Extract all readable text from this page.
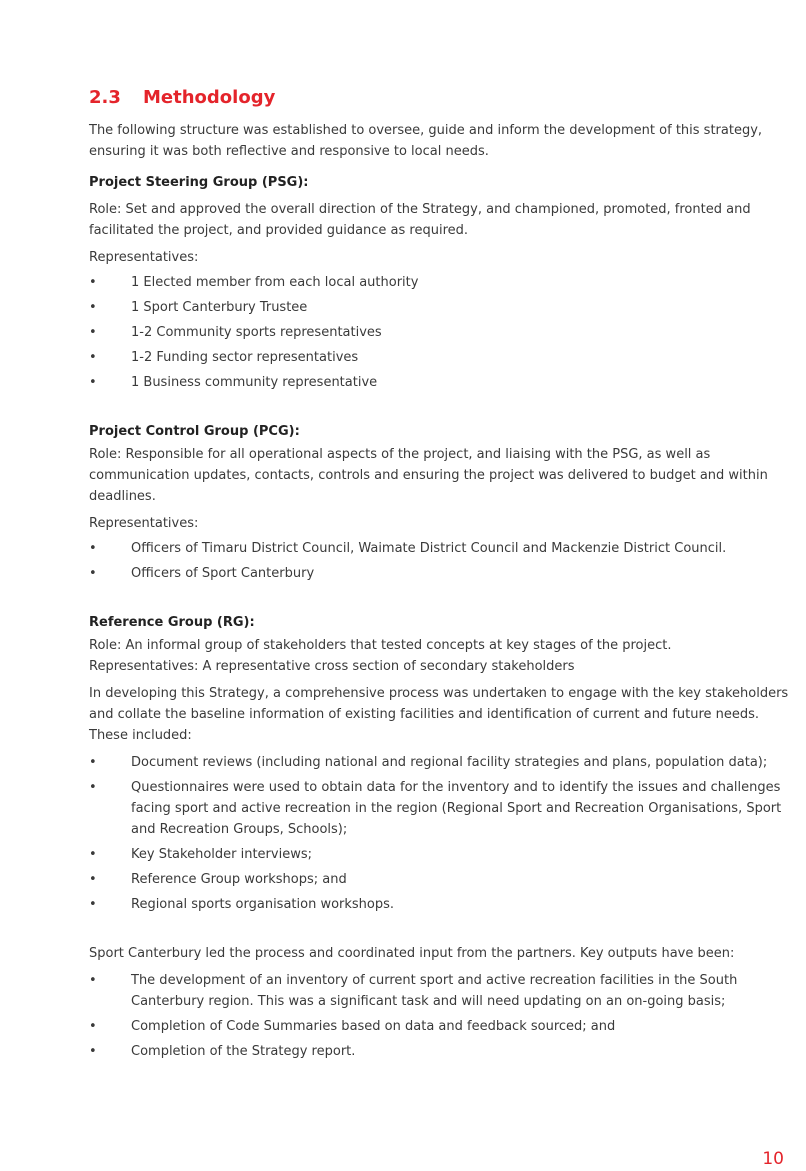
2.3	Methodology

The following structure was established to oversee, guide and inform the development of this strategy, ensuring it was both reflective and responsive to local needs.

Project Steering Group (PSG):

Role: Set and approved the overall direction of the Strategy, and championed, promoted, fronted and facilitated the project, and provided guidance as required.

Representatives:

•	1 Elected member from each local authority
•	1 Sport Canterbury Trustee
•	1-2 Community sports representatives
•	1-2 Funding sector representatives
•	1 Business community representative
Project Control Group (PCG):

Role: Responsible for all operational aspects of the project, and liaising with the PSG, as well as communication updates, contacts, controls and ensuring the project was delivered to budget and within deadlines.

Representatives:

•	Officers of Timaru District Council, Waimate District Council and Mackenzie District Council.
•	Officers of Sport Canterbury
Reference Group (RG):

Role: An informal group of stakeholders that tested concepts at key stages of the project.

Representatives: A representative cross section of secondary stakeholders

In developing this Strategy, a comprehensive process was undertaken to engage with the key stakeholders and collate the baseline information of existing facilities and identification of current and future needs. These included:

•	Document reviews (including national and regional facility strategies and plans, population data);
•	Questionnaires were used to obtain data for the inventory and to identify the issues and challenges facing sport and active recreation in the region (Regional Sport and Recreation Organisations, Sport and Recreation Groups, Schools);
•	Key Stakeholder interviews;
•	Reference Group workshops; and
•	Regional sports organisation workshops.

Sport Canterbury led the process and coordinated input from the partners. Key outputs have been:

•	The development of an inventory of current sport and active recreation facilities in the South Canterbury region. This was a significant task and will need updating on an on-going basis;
•	Completion of Code Summaries based on data and feedback sourced; and
•	Completion of the Strategy report.
10
